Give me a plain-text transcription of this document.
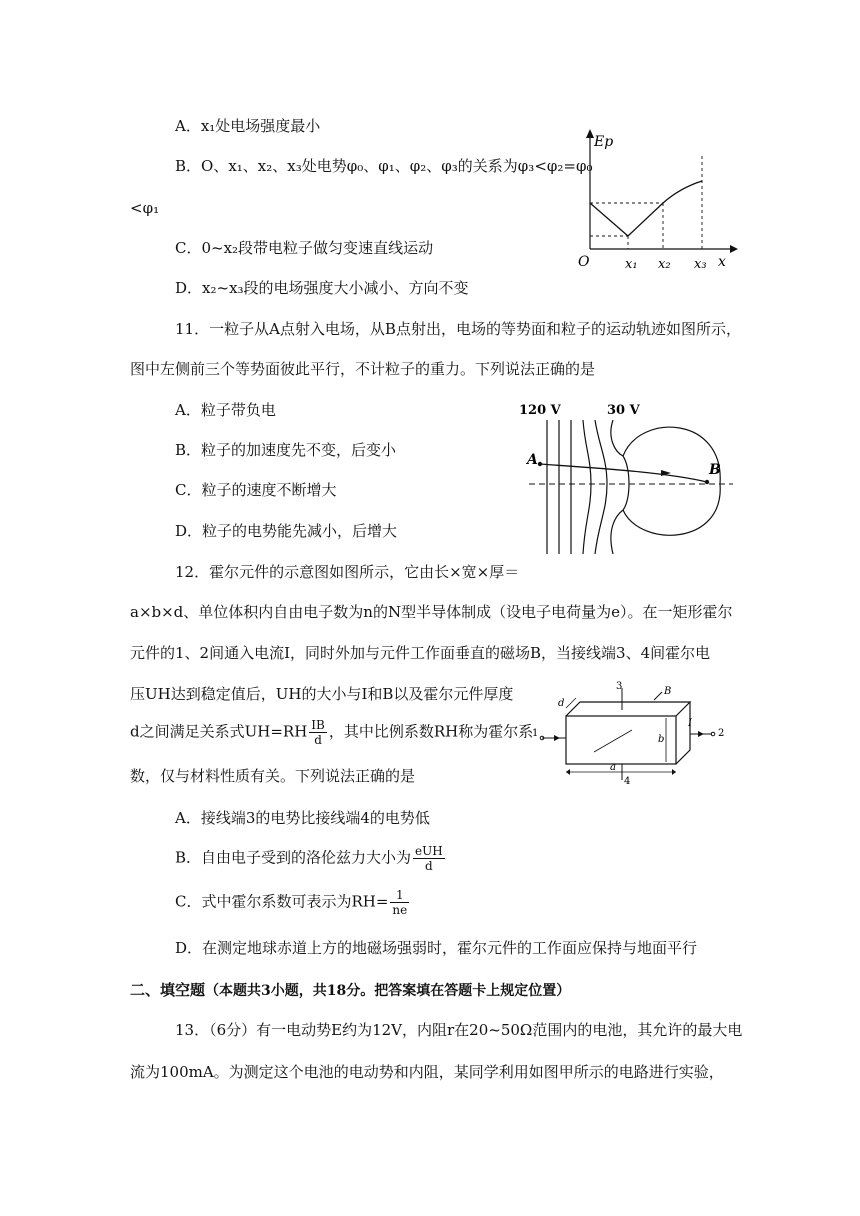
A．x₁处电场强度最小
B．O、x₁、x₂、x₃处电势φ₀、φ₁、φ₂、φ₃的关系为φ₃<φ₂=φ₀
<φ₁
C．0~x₂段带电粒子做匀变速直线运动
D．x₂~x₃段的电场强度大小减小、方向不变
Ep
O	x₁ x₂ x₃ x
11．一粒子从A点射入电场，从B点射出，电场的等势面和粒子的运动轨迹如图所示，
图中左侧前三个等势面彼此平行，不计粒子的重力。下列说法正确的是
A．粒子带负电
B．粒子的加速度先不变，后变小
C．粒子的速度不断增大
D．粒子的电势能先减小，后增大
120 V	30 V
A
B
12．霍尔元件的示意图如图所示，它由长×宽×厚＝
a×b×d、单位体积内自由电子数为n的N型半导体制成（设电子电荷量为e）。在一矩形霍尔
元件的1、2间通入电流I，同时外加与元件工作面垂直的磁场B，当接线端3、4间霍尔电
压UH达到稳定值后，UH的大小与I和B以及霍尔元件厚度
d之间满足关系式$UH=RH \frac{IB}{d}$ ，其中比例系数RH称为霍尔系
数，仅与材料性质有关。下列说法正确的是
A．接线端3的电势比接线端4的电势低
B．自由电子受到的洛伦兹力大小为 $\frac{\text{eUH}}{d}$
C．式中霍尔系数可表示为$RH= \frac{1}{ne}$
D．在测定地球赤道上方的地磁场强弱时，霍尔元件的工作面应保持与地面平行
3
4
1	2
I
B
d
b
a
二、填空题（本题共3小题，共18分。把答案填在答题卡上规定位置）
13．（6分）有一电动势E约为12V，内阻r在20~50Ω范围内的电池，其允许的最大电
流为100mA。为测定这个电池的电动势和内阻，某同学利用如图甲所示的电路进行实验，
